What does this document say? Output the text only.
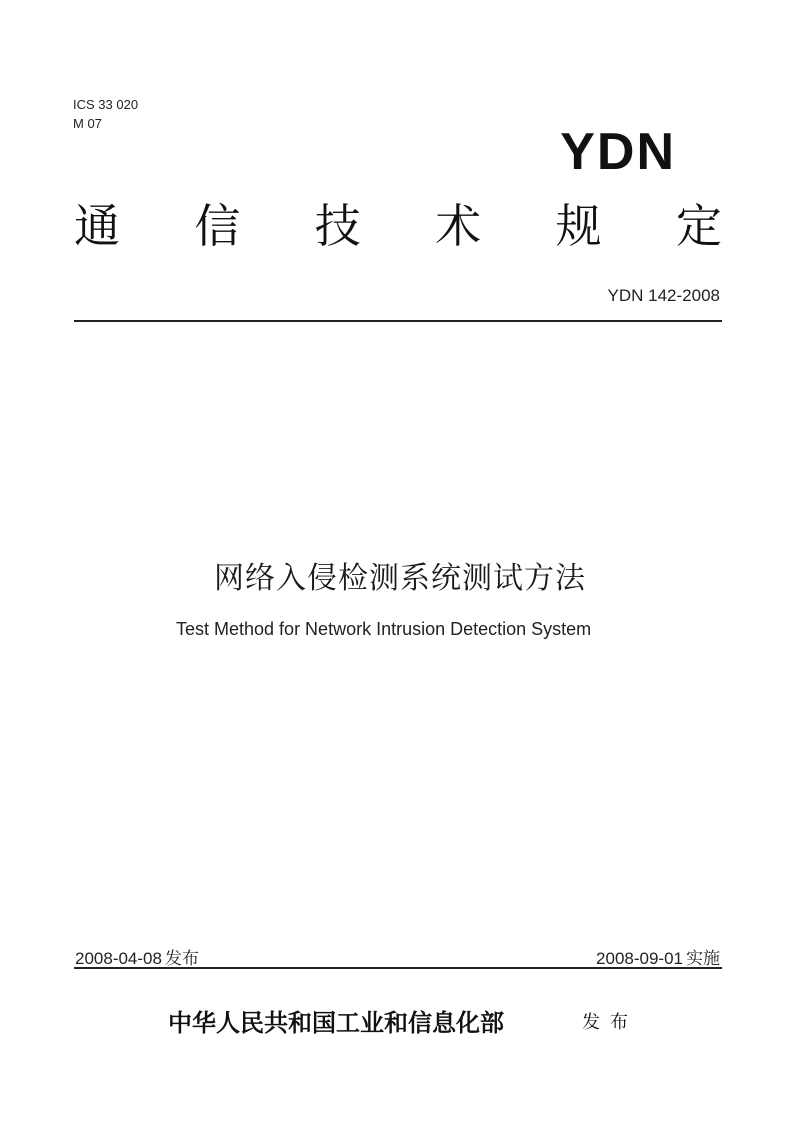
ICS 33 020
M 07	YDN
通 信 技 术 规 定
YDN 142-2008
网络入侵检测系统测试方法
Test Method for Network Intrusion Detection System
2008-04-08 发布	2008-09-01 实施
中华人民共和国工业和信息化部	发布
